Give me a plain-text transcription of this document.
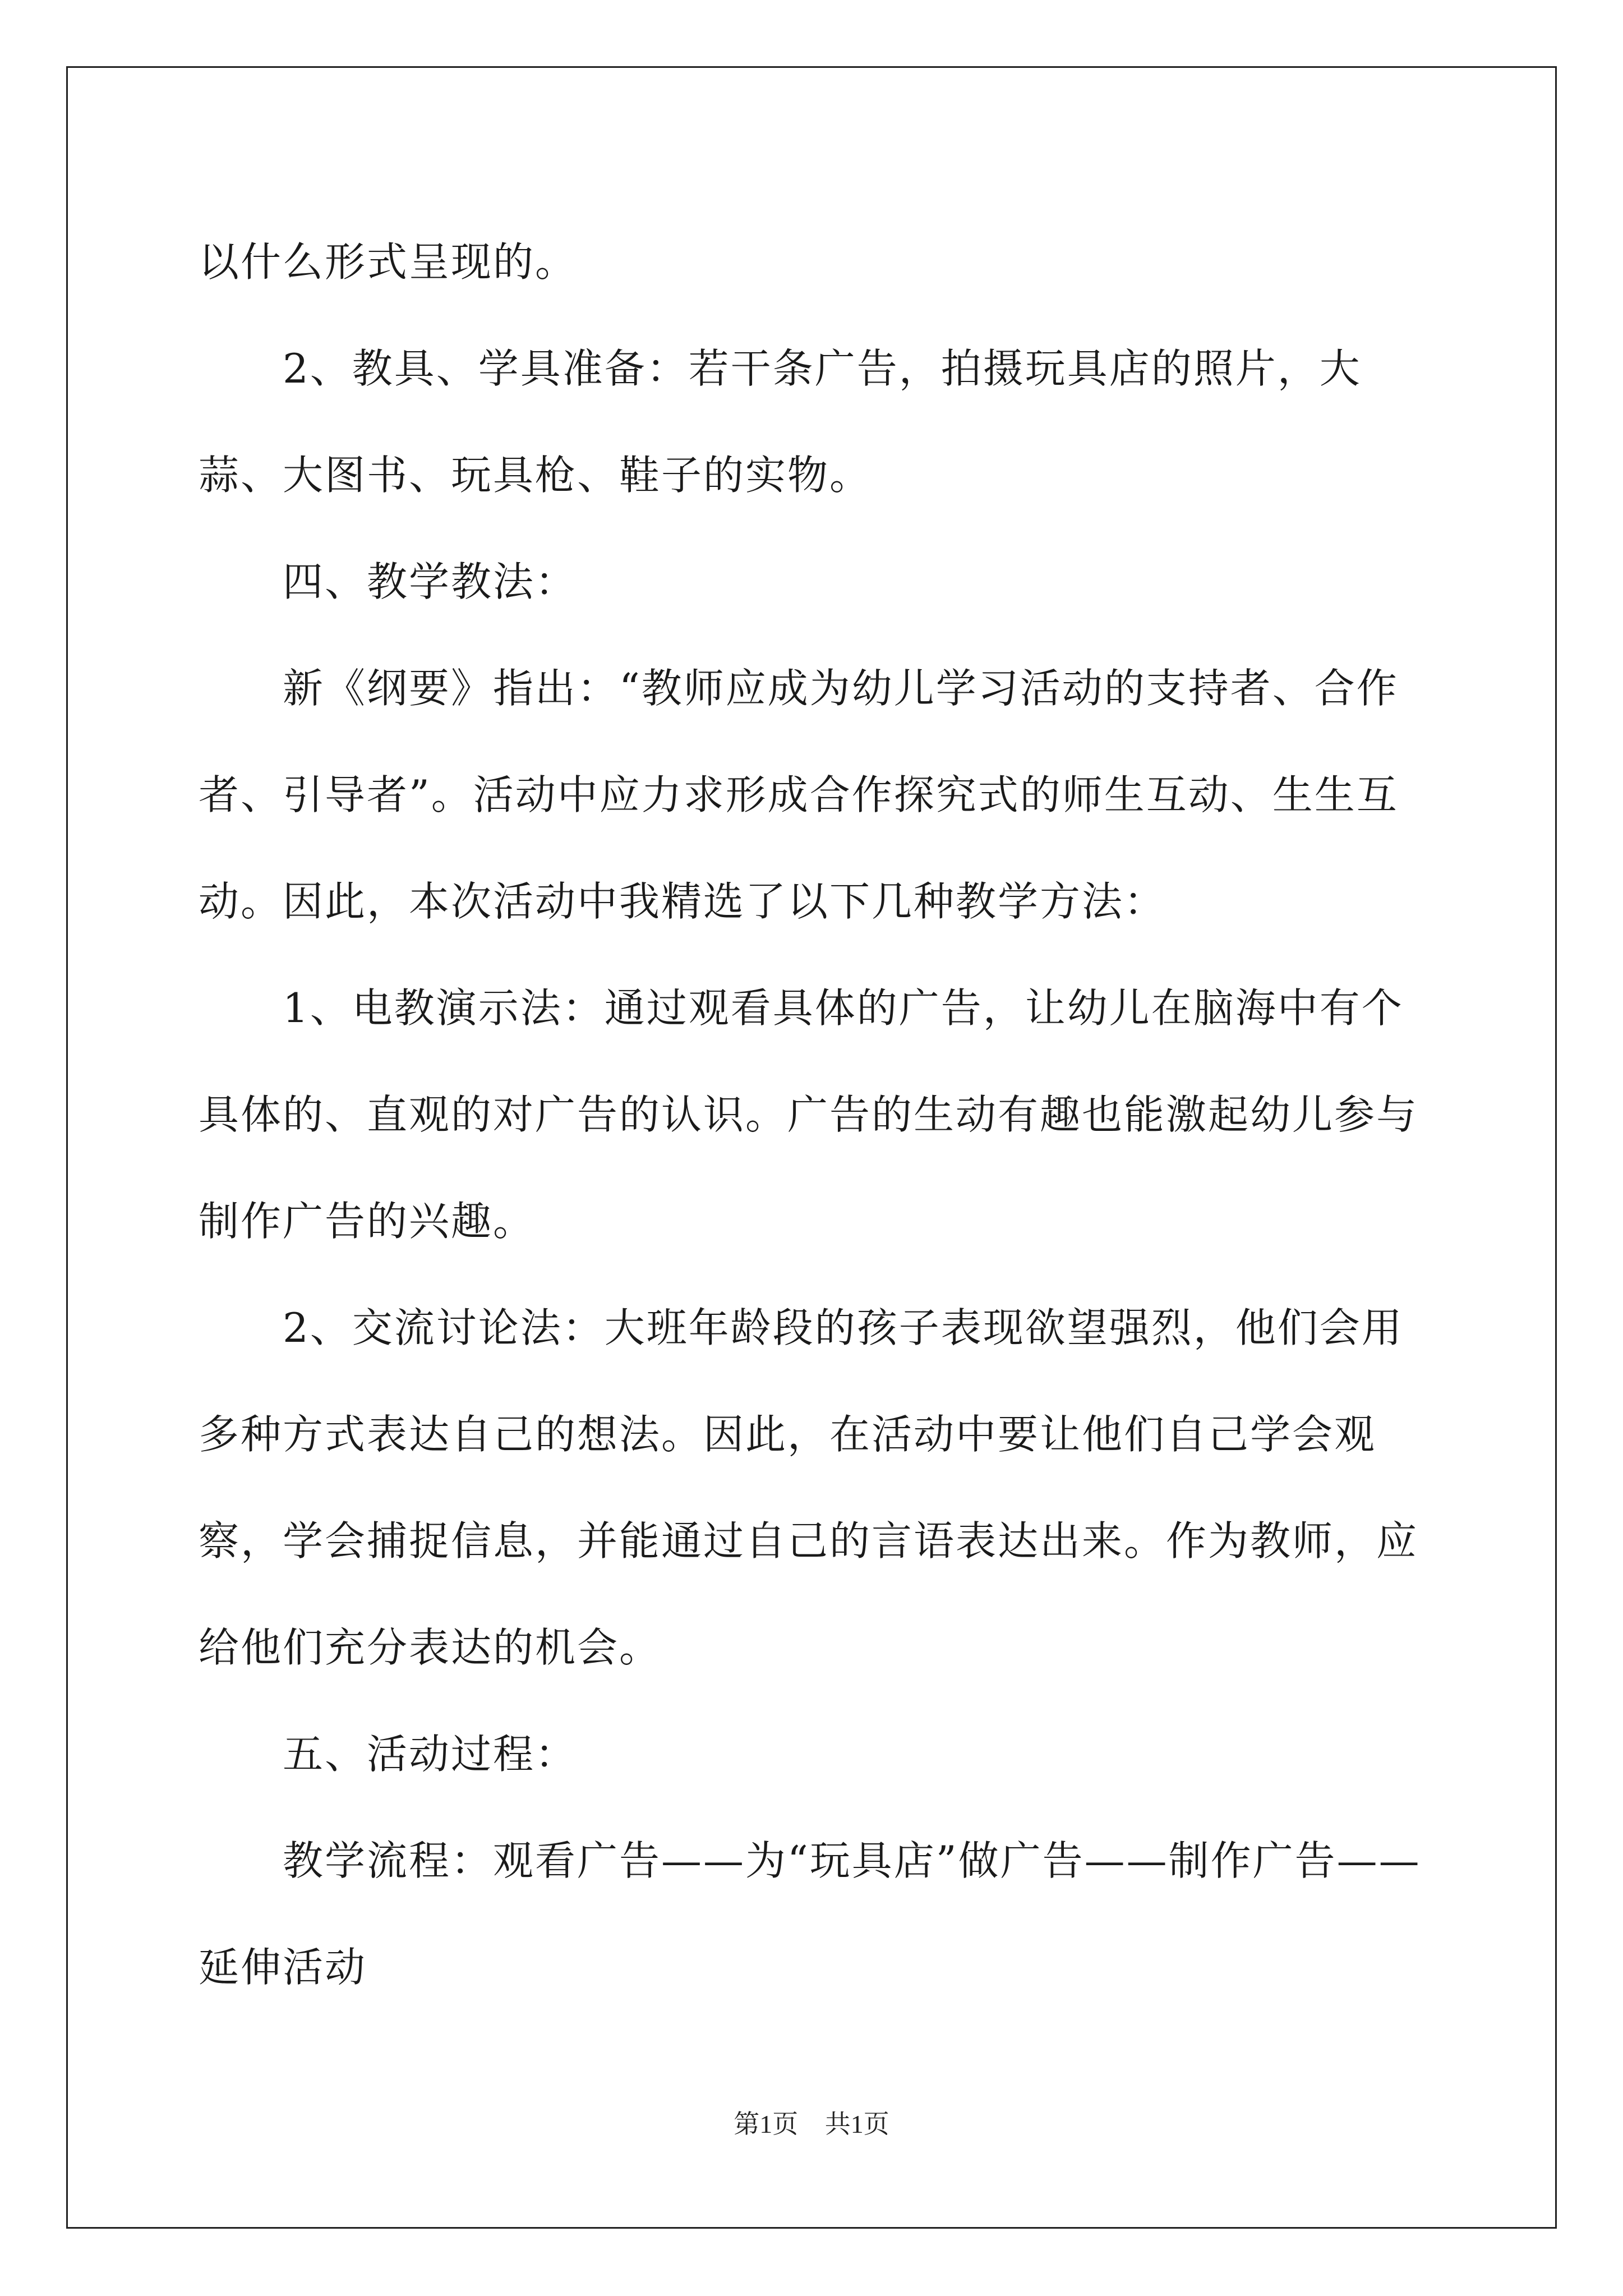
以什么形式呈现的。

2、教具、学具准备：若干条广告，拍摄玩具店的照片，大蒜、大图书、玩具枪、鞋子的实物。

四、教学教法：

新《纲要》指出：“教师应成为幼儿学习活动的支持者、合作者、引导者”。活动中应力求形成合作探究式的师生互动、生生互动。因此，本次活动中我精选了以下几种教学方法：

1、电教演示法：通过观看具体的广告，让幼儿在脑海中有个具体的、直观的对广告的认识。广告的生动有趣也能激起幼儿参与制作广告的兴趣。

2、交流讨论法：大班年龄段的孩子表现欲望强烈，他们会用多种方式表达自己的想法。因此，在活动中要让他们自己学会观察，学会捕捉信息，并能通过自己的言语表达出来。作为教师，应给他们充分表达的机会。

五、活动过程：

教学流程：观看广告——为“玩具店”做广告——制作广告——延伸活动

第1页 共1页
